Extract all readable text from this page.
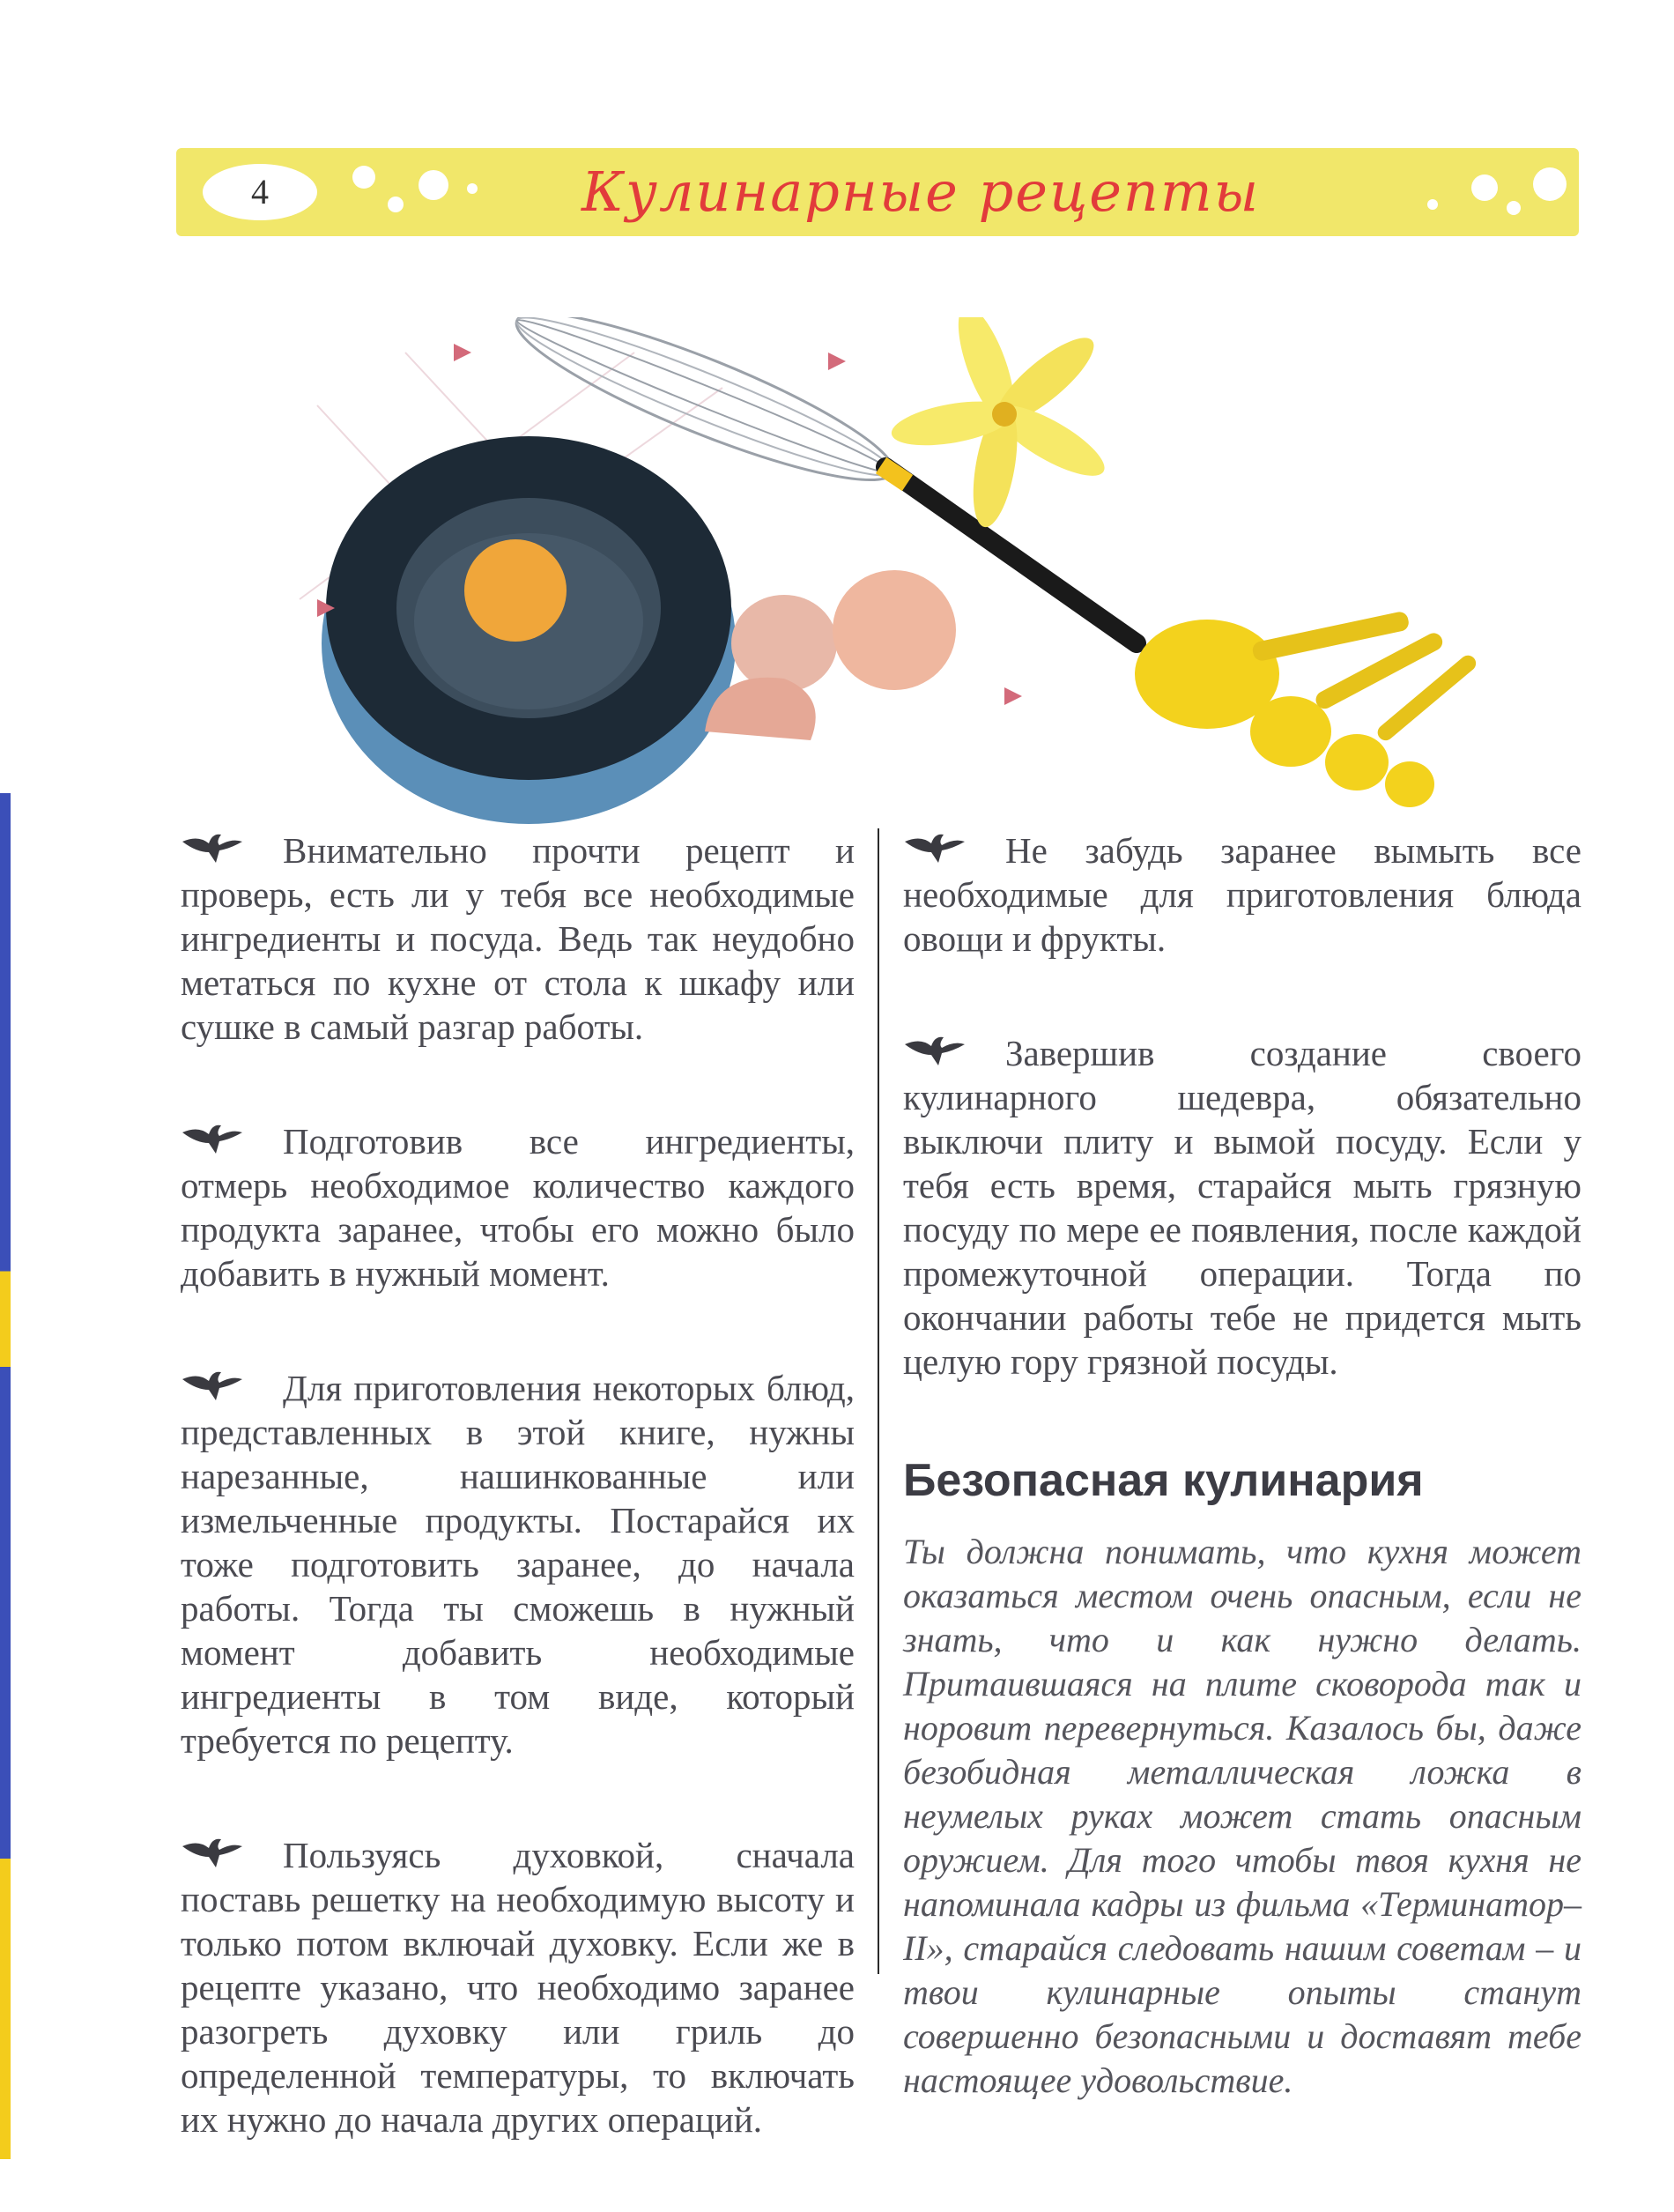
4	Кулинарные рецепты

Внимательно прочти рецепт и проверь, есть ли у тебя все необходимые ингредиенты и посуда. Ведь так неудобно метаться по кухне от стола к шкафу или сушке в самый разгар работы.

Подготовив все ингредиенты, отмерь необходимое количество каждого продукта заранее, чтобы его можно было добавить в нужный момент.

Для приготовления некоторых блюд, представленных в этой книге, нужны нарезанные, нашинкованные или измельченные продукты. Постарайся их тоже подготовить заранее, до начала работы. Тогда ты сможешь в нужный момент добавить необходимые ингредиенты в том виде, который требуется по рецепту.

Пользуясь духовкой, сначала поставь решетку на необходимую высоту и только потом включай духовку. Если же в рецепте указано, что необходимо заранее разогреть духовку или гриль до определенной температуры, то включать их нужно до начала других операций.

Не забудь заранее вымыть все необходимые для приготовления блюда овощи и фрукты.

Завершив создание своего кулинарного шедевра, обязательно выключи плиту и вымой посуду. Если у тебя есть время, старайся мыть грязную посуду по мере ее появления, после каждой промежуточной операции. Тогда по окончании работы тебе не придется мыть целую гору грязной посуды.

Безопасная кулинария

Ты должна понимать, что кухня может оказаться местом очень опасным, если не знать, что и как нужно делать. Притаившаяся на плите сковорода так и норовит перевернуться. Казалось бы, даже безобидная металлическая ложка в неумелых руках может стать опасным оружием. Для того чтобы твоя кухня не напоминала кадры из фильма «Терминатор–II», старайся следовать нашим советам – и твои кулинарные опыты станут совершенно безопасными и доставят тебе настоящее удовольствие.
